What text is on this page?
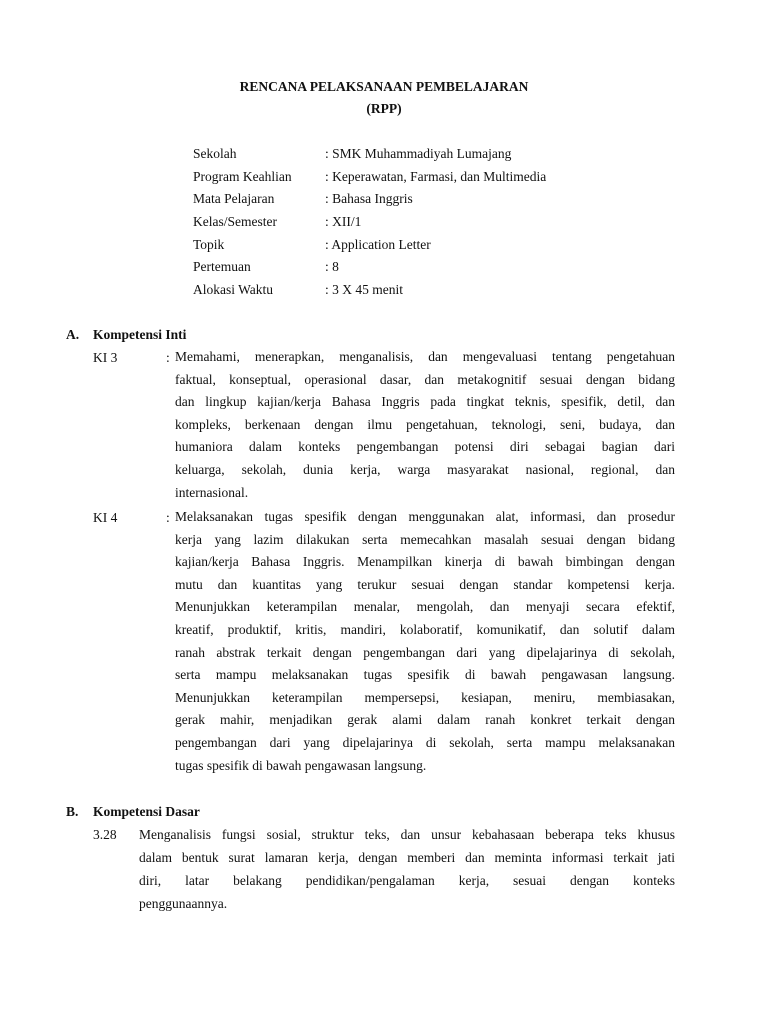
RENCANA PELAKSANAAN PEMBELAJARAN
(RPP)
Sekolah	: SMK Muhammadiyah Lumajang
Program Keahlian : Keperawatan, Farmasi, dan Multimedia
Mata Pelajaran	: Bahasa Inggris
Kelas/Semester	: XII/1
Topik	: Application Letter
Pertemuan	: 8
Alokasi Waktu	: 3 X 45 menit
A. Kompetensi Inti
KI 3	: Memahami, menerapkan, menganalisis, dan mengevaluasi tentang pengetahuan
faktual, konseptual, operasional dasar, dan metakognitif sesuai dengan bidang
dan lingkup kajian/kerja Bahasa Inggris pada tingkat teknis, spesifik, detil, dan
kompleks, berkenaan dengan ilmu pengetahuan, teknologi, seni, budaya, dan
humaniora dalam konteks pengembangan potensi diri sebagai bagian dari
keluarga, sekolah, dunia kerja, warga masyarakat nasional, regional, dan
internasional.
KI 4	: Melaksanakan tugas spesifik dengan menggunakan alat, informasi, dan prosedur
kerja yang lazim dilakukan serta memecahkan masalah sesuai dengan bidang
kajian/kerja Bahasa Inggris. Menampilkan kinerja di bawah bimbingan dengan
mutu dan kuantitas yang terukur sesuai dengan standar kompetensi kerja.
Menunjukkan keterampilan menalar, mengolah, dan menyaji secara efektif,
kreatif, produktif, kritis, mandiri, kolaboratif, komunikatif, dan solutif dalam
ranah abstrak terkait dengan pengembangan dari yang dipelajarinya di sekolah,
serta mampu melaksanakan tugas spesifik di bawah pengawasan langsung.
Menunjukkan keterampilan mempersepsi, kesiapan, meniru, membiasakan,
gerak mahir, menjadikan gerak alami dalam ranah konkret terkait dengan
pengembangan dari yang dipelajarinya di sekolah, serta mampu melaksanakan
tugas spesifik di bawah pengawasan langsung.
B. Kompetensi Dasar
3.28 Menganalisis fungsi sosial, struktur teks, dan unsur kebahasaan beberapa teks khusus
dalam bentuk surat lamaran kerja, dengan memberi dan meminta informasi terkait jati
diri, latar belakang pendidikan/pengalaman kerja, sesuai dengan konteks
penggunaannya.
